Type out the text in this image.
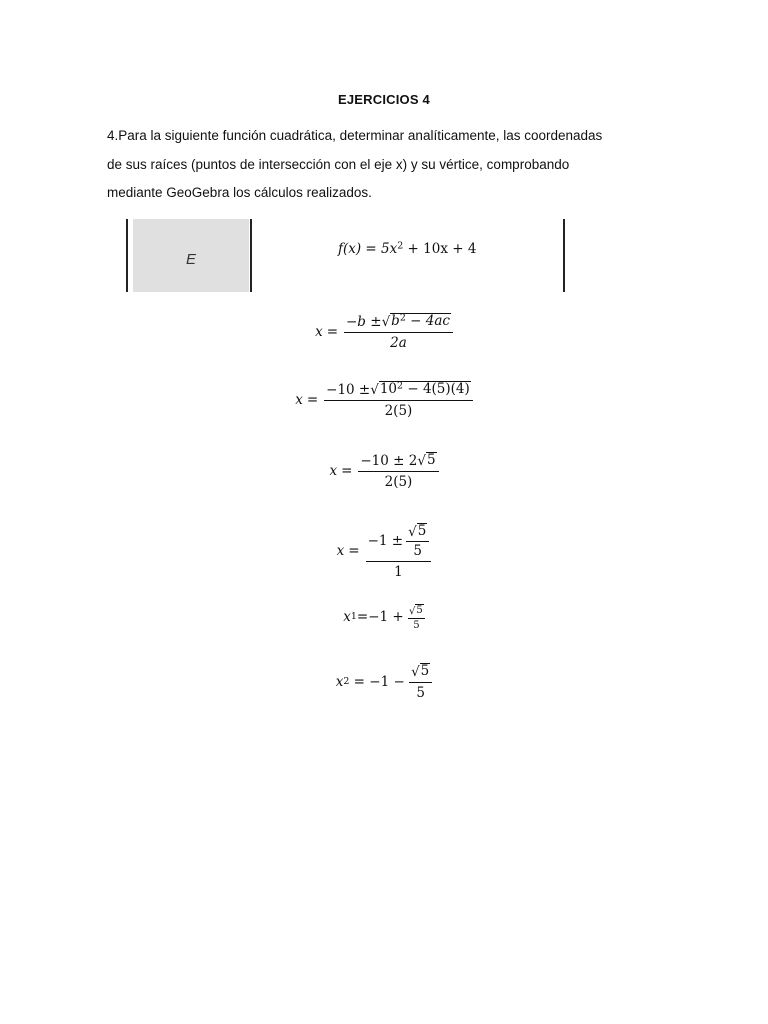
EJERCICIOS 4
4.Para la siguiente función cuadrática, determinar analíticamente, las coordenadas
de sus raíces (puntos de intersección con el eje x) y su vértice, comprobando
mediante GeoGebra los cálculos realizados.
E
$f(x) = 5x^2 + 10x + 4$
$x = \frac{-b \pm √ b^2 - 4ac}{2a}$
$x = \frac{-10 \pm √ 10^2 - 4(5)(4)}{2(5)}$
$x = \frac{-10 \pm 2 √ 5}{2(5)}$
$x = \frac{-1 \pm \frac{√ 5}{5}}{1}$
x $1 =-1 + \frac{√ 5}{5}$
x $2 = -1 - \frac{√ 5}{5}$
